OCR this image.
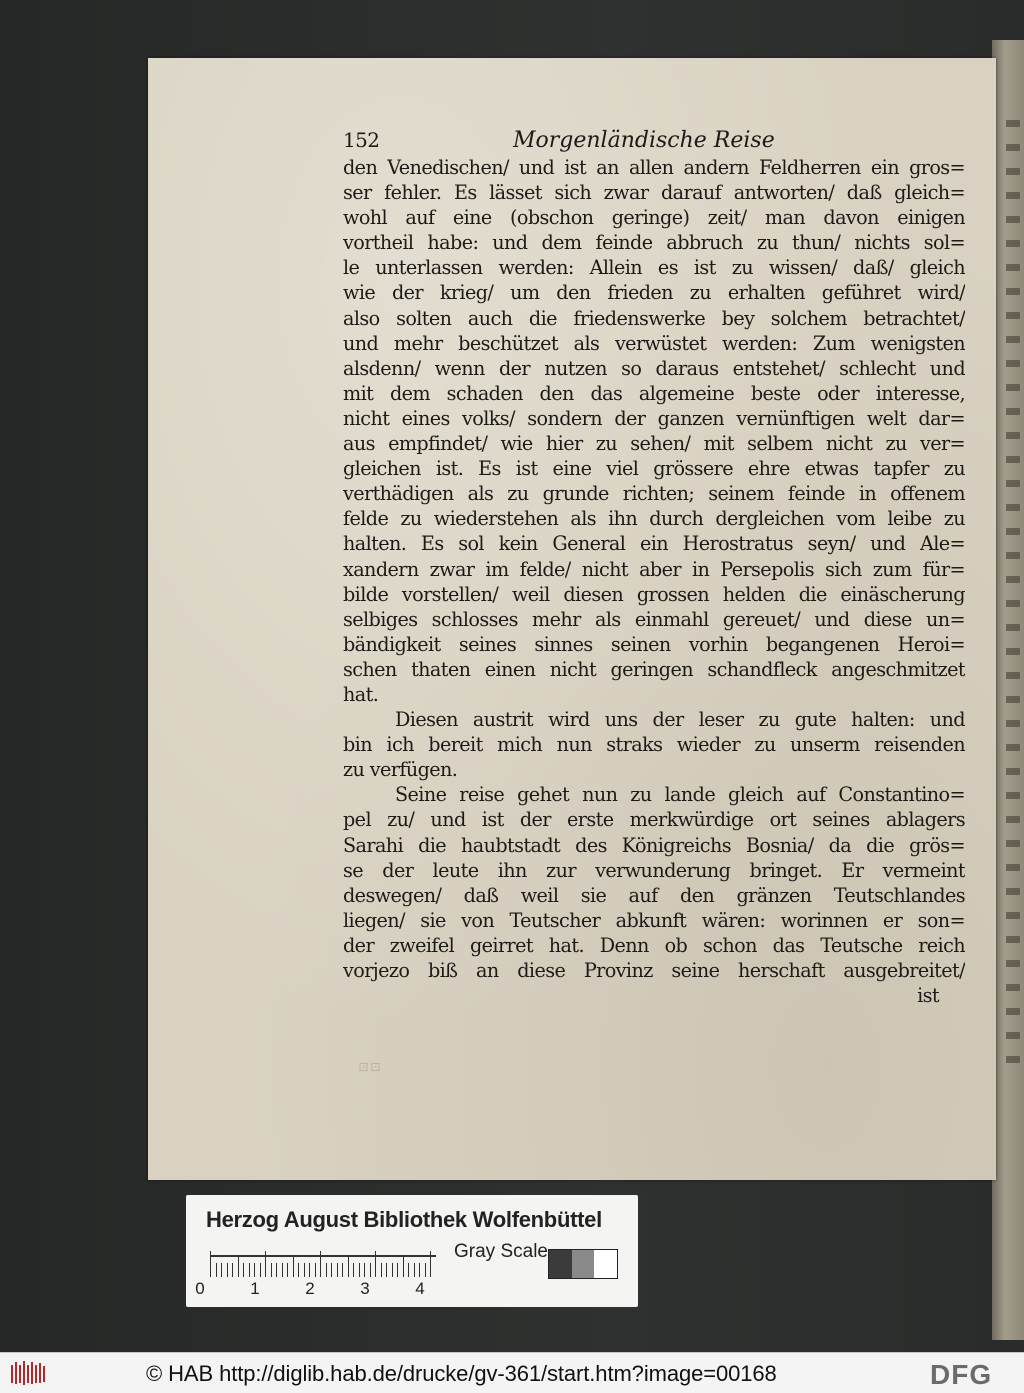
⊡⊡
152	Morgenländische Reise
den Venedischen/ und ist an allen andern Feldherren ein gros=
ser fehler. Es lässet sich zwar darauf antworten/ daß gleich=
wohl auf eine (obschon geringe) zeit/ man davon einigen
vortheil habe: und dem feinde abbruch zu thun/ nichts sol=
le unterlassen werden: Allein es ist zu wissen/ daß/ gleich
wie der krieg/ um den frieden zu erhalten geführet wird/
also solten auch die friedenswerke bey solchem betrachtet/
und mehr beschützet als verwüstet werden: Zum wenigsten
alsdenn/ wenn der nutzen so daraus entstehet/ schlecht und
mit dem schaden den das algemeine beste oder interesse,
nicht eines volks/ sondern der ganzen vernünftigen welt dar=
aus empfindet/ wie hier zu sehen/ mit selbem nicht zu ver=
gleichen ist. Es ist eine viel grössere ehre etwas tapfer zu
verthädigen als zu grunde richten; seinem feinde in offenem
felde zu wiederstehen als ihn durch dergleichen vom leibe zu
halten. Es sol kein General ein Herostratus seyn/ und Ale=
xandern zwar im felde/ nicht aber in Persepolis sich zum für=
bilde vorstellen/ weil diesen grossen helden die einäscherung
selbiges schlosses mehr als einmahl gereuet/ und diese un=
bändigkeit seines sinnes seinen vorhin begangenen Heroi=
schen thaten einen nicht geringen schandfleck angeschmitzet
hat.
Diesen austrit wird uns der leser zu gute halten: und
bin ich bereit mich nun straks wieder zu unserm reisenden
zu verfügen.
Seine reise gehet nun zu lande gleich auf Constantino=
pel zu/ und ist der erste merkwürdige ort seines ablagers
Sarahi die haubtstadt des Königreichs Bosnia/ da die grös=
se der leute ihn zur verwunderung bringet. Er vermeint
deswegen/ daß weil sie auf den gränzen Teutschlandes
liegen/ sie von Teutscher abkunft wären: worinnen er son=
der zweifel geirret hat. Denn ob schon das Teutsche reich
vorjezo biß an diese Provinz seine herschaft ausgebreitet/
ist
Herzog August Bibliothek Wolfenbüttel
0	1	2	3	4
Gray Scale
© HAB http://diglib.hab.de/drucke/gv-361/start.htm?image=00168	DFG
